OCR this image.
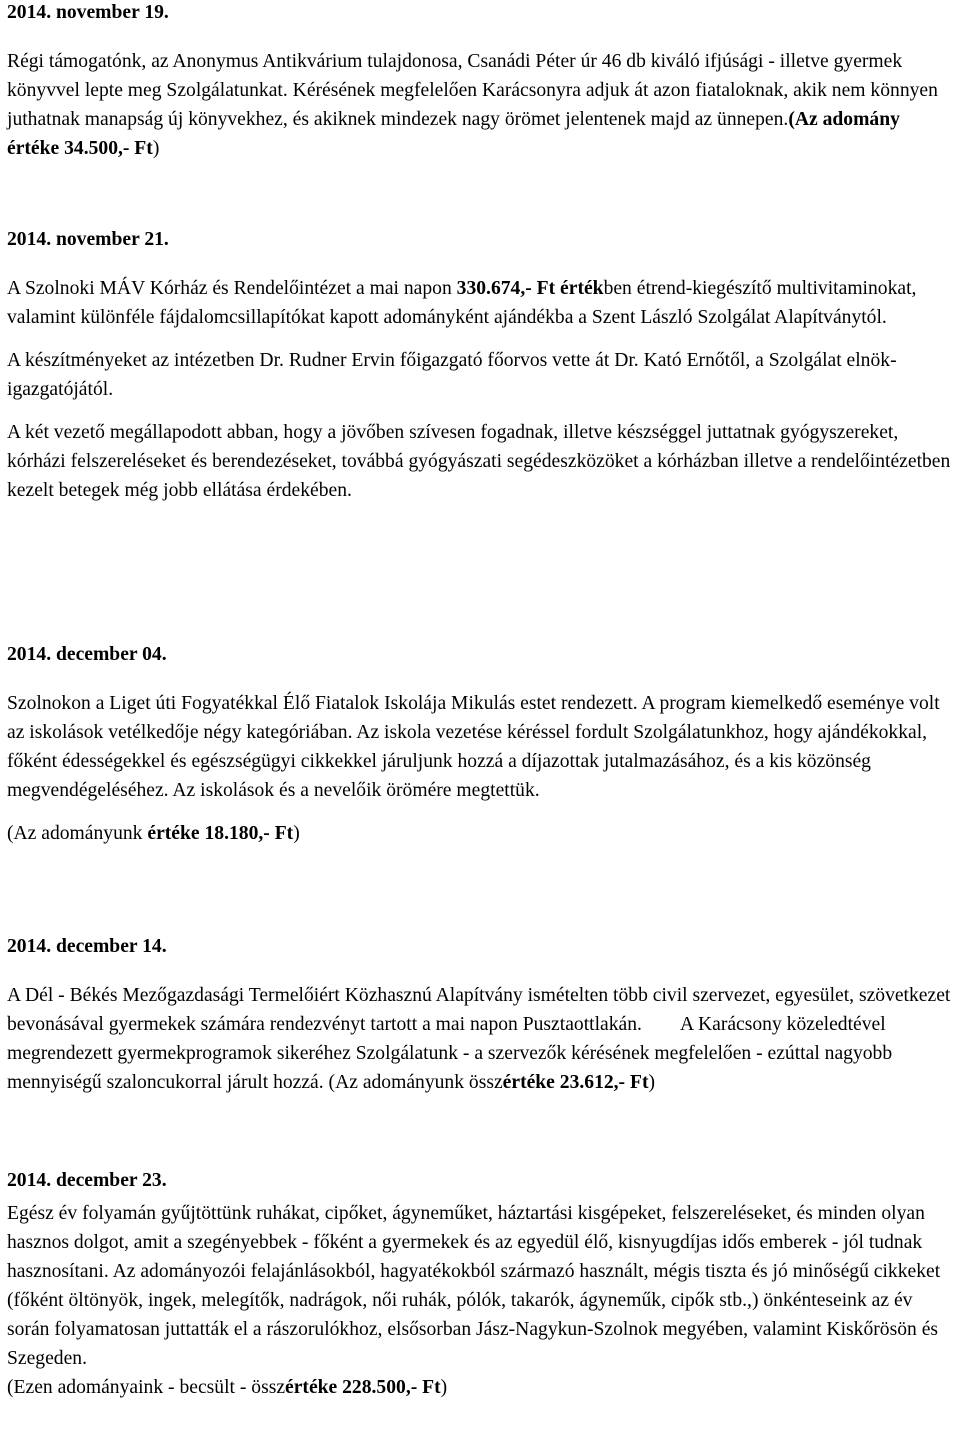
2014. november 19.

Régi támogatónk, az Anonymus Antikvárium tulajdonosa, Csanádi Péter úr 46 db kiváló ifjúsági - illetve gyermek könyvvel lepte meg Szolgálatunkat. Kérésének megfelelően Karácsonyra adjuk át azon fiataloknak, akik nem könnyen juthatnak manapság új könyvekhez, és akiknek mindezek nagy örömet jelentenek majd az ünnepen.(Az adomány értéke 34.500,- Ft)

2014. november 21.

A Szolnoki MÁV Kórház és Rendelőintézet a mai napon 330.674,- Ft értékben étrend-kiegészítő multivitaminokat, valamint különféle fájdalomcsillapítókat kapott adományként ajándékba a Szent László Szolgálat Alapítványtól.

A készítményeket az intézetben Dr. Rudner Ervin főigazgató főorvos vette át Dr. Kató Ernőtől, a Szolgálat elnök-igazgatójától.

A két vezető megállapodott abban, hogy a jövőben szívesen fogadnak, illetve készséggel juttatnak gyógyszereket, kórházi felszereléseket és berendezéseket, továbbá gyógyászati segédeszközöket a kórházban illetve a rendelőintézetben kezelt betegek még jobb ellátása érdekében.

2014. december 04.

Szolnokon a Liget úti Fogyatékkal Élő Fiatalok Iskolája Mikulás estet rendezett. A program kiemelkedő eseménye volt az iskolások vetélkedője négy kategóriában. Az iskola vezetése kéréssel fordult Szolgálatunkhoz, hogy ajándékokkal, főként édességekkel és egészségügyi cikkekkel járuljunk hozzá a díjazottak jutalmazásához, és a kis közönség megvendégeléséhez. Az iskolások és a nevelőik örömére megtettük.

(Az adományunk értéke 18.180,- Ft)

2014. december 14.

A Dél - Békés Mezőgazdasági Termelőiért Közhasznú Alapítvány ismételten több civil szervezet, egyesület, szövetkezet bevonásával gyermekek számára rendezvényt tartott a mai napon Pusztaottlakán.        A Karácsony közeledtével megrendezett gyermekprogramok sikeréhez Szolgálatunk - a szervezők kérésének megfelelően - ezúttal nagyobb mennyiségű szaloncukorral járult hozzá. (Az adományunk összértéke 23.612,- Ft)

2014. december 23.

Egész év folyamán gyűjtöttünk ruhákat, cipőket, ágyneműket, háztartási kisgépeket, felszereléseket, és minden olyan hasznos dolgot, amit a szegényebbek - főként a gyermekek és az egyedül élő, kisnyugdíjas idős emberek - jól tudnak hasznosítani. Az adományozói felajánlásokból, hagyatékokból származó használt, mégis tiszta és jó minőségű cikkeket (főként öltönyök, ingek, melegítők, nadrágok, női ruhák, pólók, takarók, ágyneműk, cipők stb.,) önkénteseink az év során folyamatosan juttatták el a rászorulókhoz, elsősorban Jász-Nagykun-Szolnok megyében, valamint Kiskőrösön és Szegeden.

(Ezen adományaink - becsült - összértéke 228.500,- Ft)
